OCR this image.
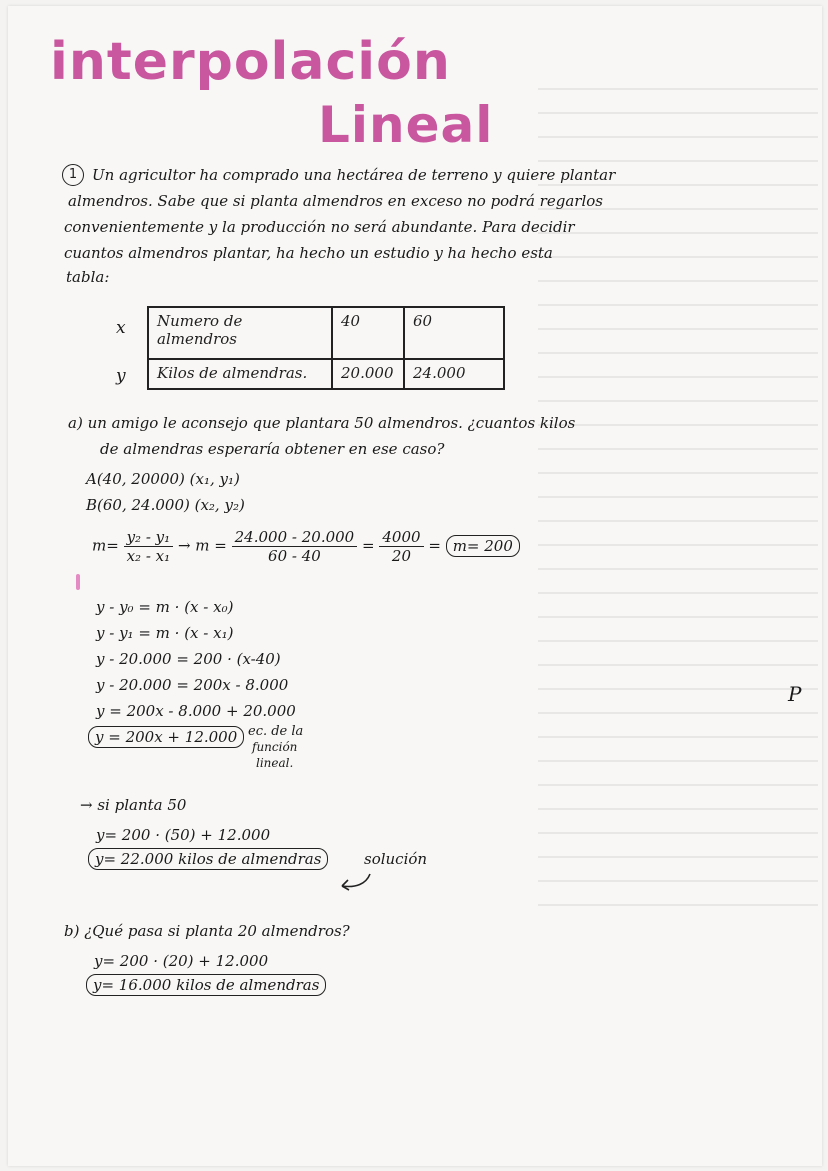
interpolación
Lineal
1 Un agricultor ha comprado una hectárea de terreno y quiere plantar
almendros. Sabe que si planta almendros en exceso no podrá regarlos
convenientemente y la producción no será abundante. Para decidir
cuantos almendros plantar, ha hecho un estudio y ha hecho esta
tabla:
x
y
Numero de almendros	40	60
Kilos de almendras.	20.000	24.000
a) un amigo le aconsejo que plantara 50 almendros. ¿cuantos kilos
de almendras esperaría obtener en ese caso?
A(40, 20000) (x₁, y₁)
B(60, 24.000) (x₂, y₂)
$m= \frac{\text{y₂ - y₁}}{\text{x₂ - x₁}} \to m = \frac{24.000 - 20.000}{60 - 40} = \frac{4000}{20} = m= 200$
y - y₀ = m · (x - x₀)
y - y₁ = m · (x - x₁)
y - 20.000 = 200 · (x-40)
y - 20.000 = 200x - 8.000
y = 200x - 8.000 + 20.000
y = 200x + 12.000 ec. de la
función
lineal.
→ si planta 50
y= 200 · (50) + 12.000
y= 22.000 kilos de almendras	solución
b) ¿Qué pasa si planta 20 almendros?
y= 200 · (20) + 12.000
y= 16.000 kilos de almendras
P
